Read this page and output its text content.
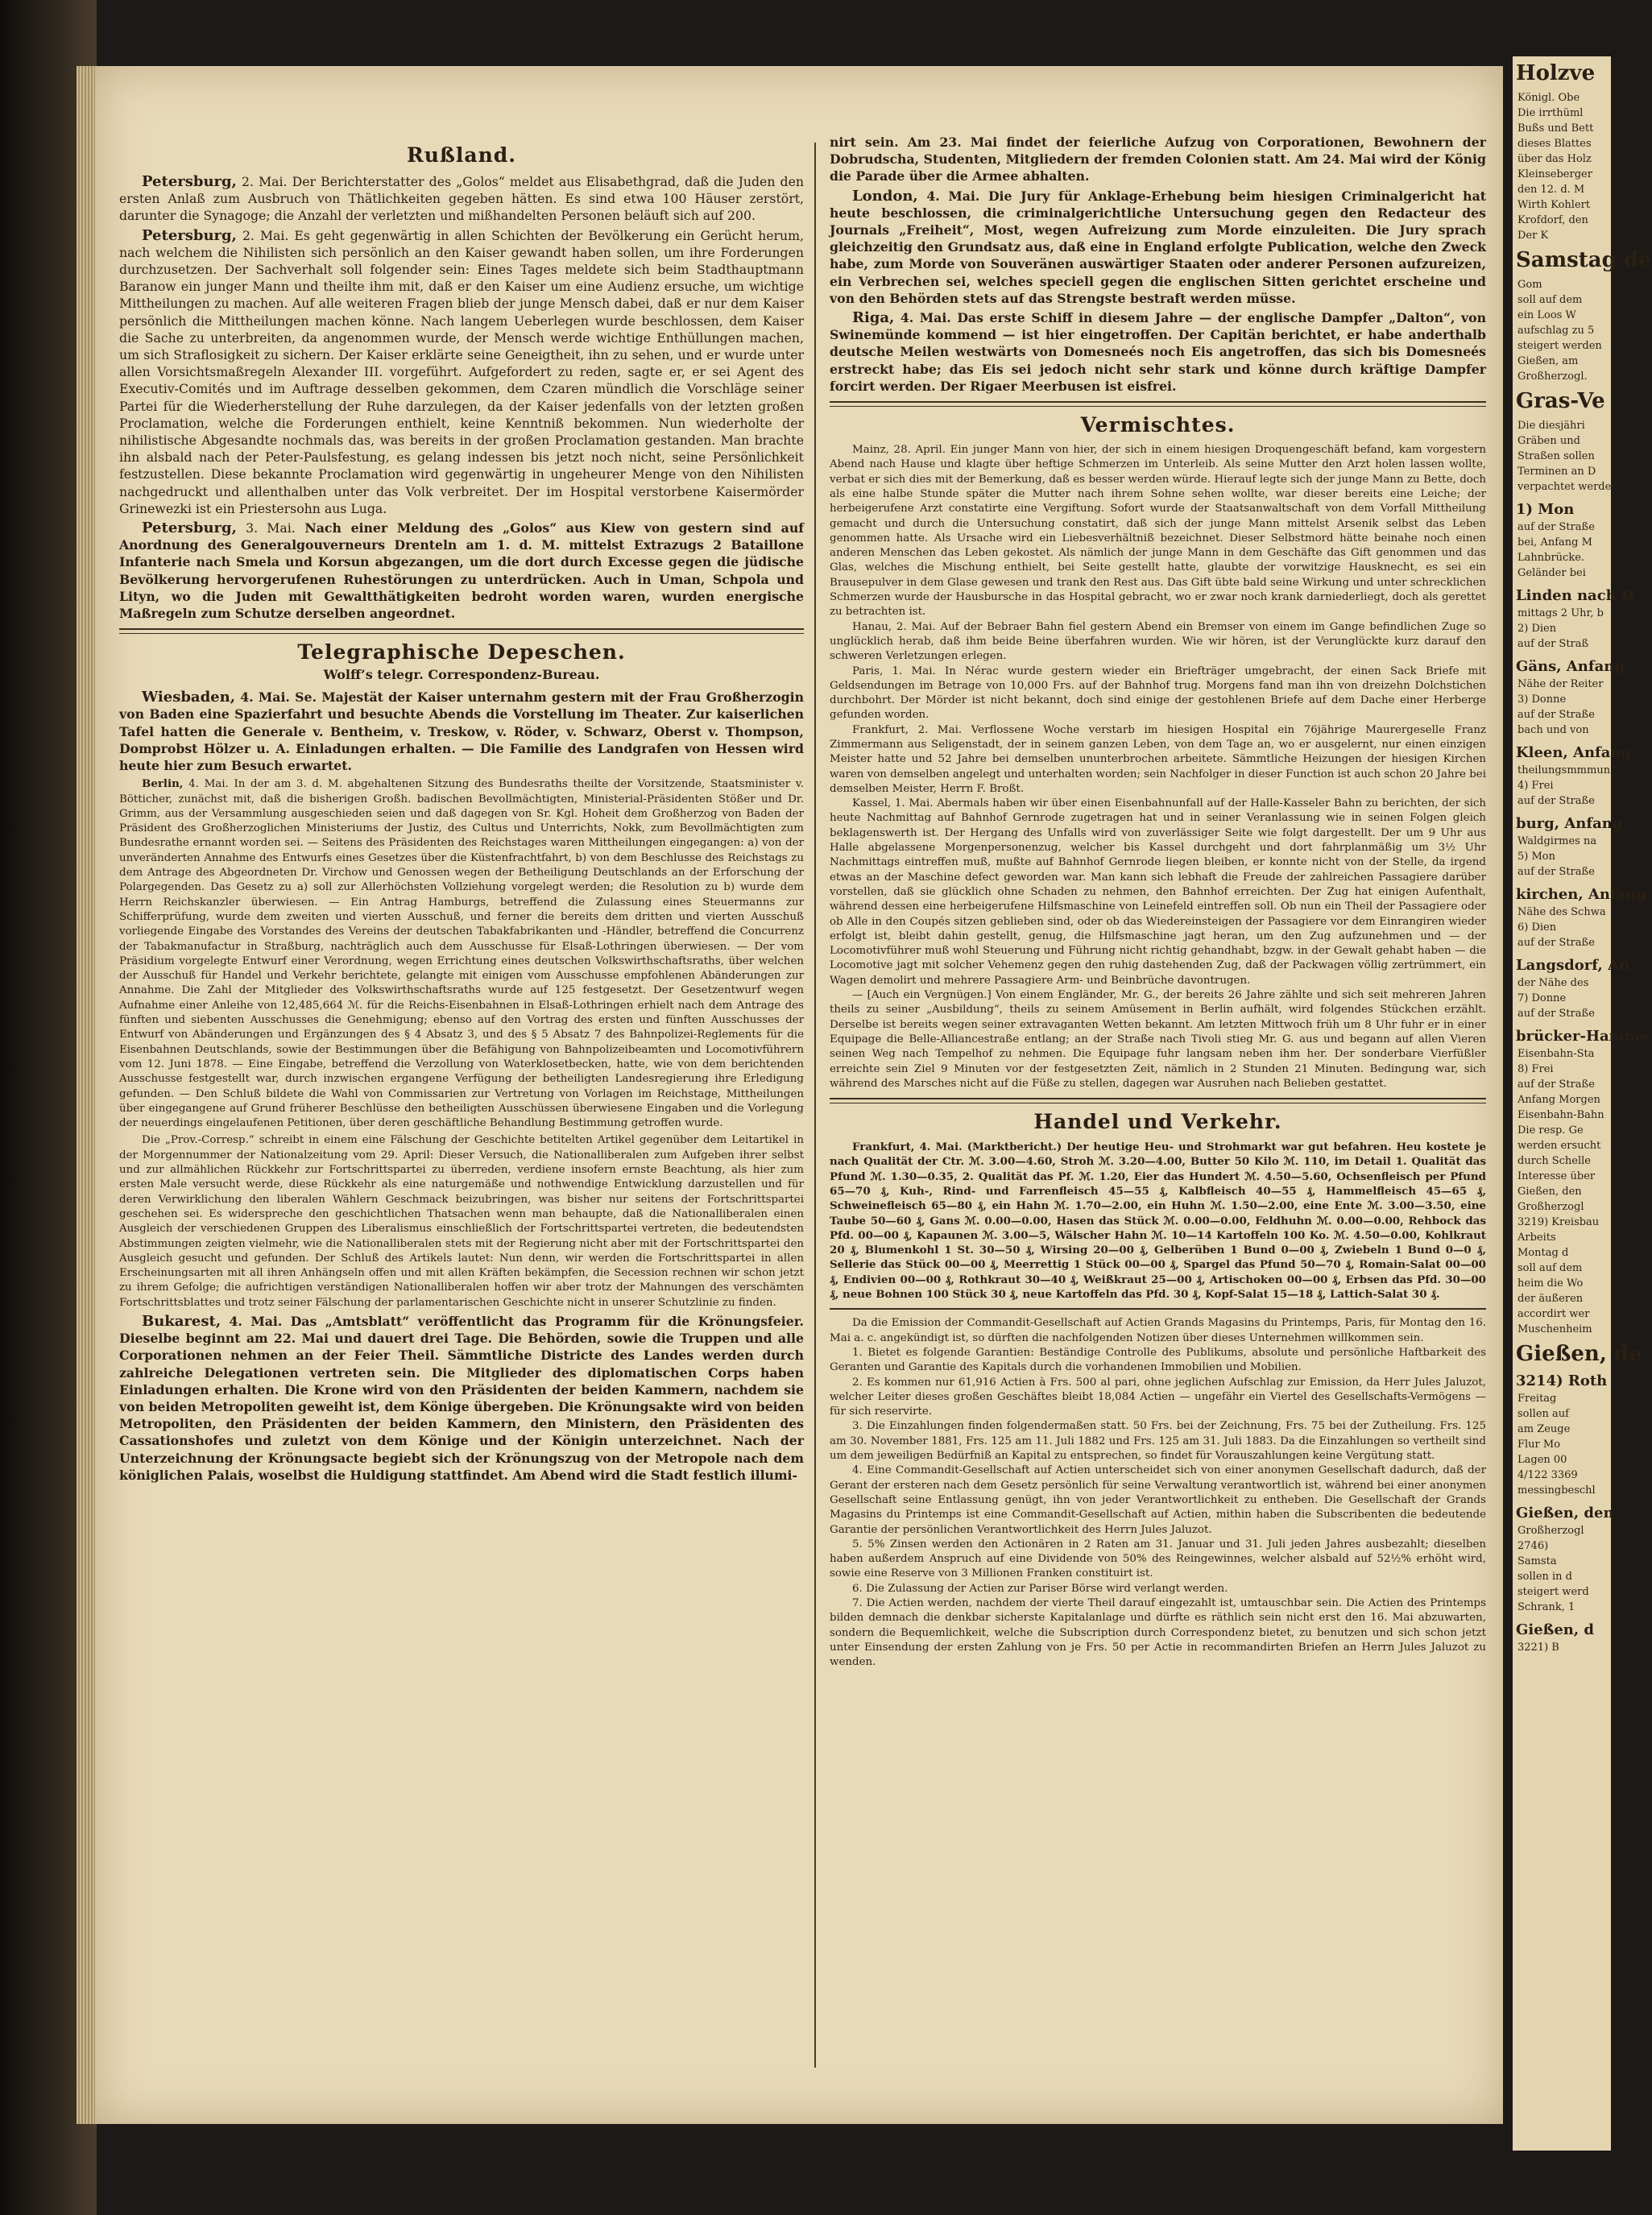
Rußland.

Petersburg, 2. Mai. Der Berichterstatter des „Golos“ meldet aus Elisabethgrad, daß die Juden den ersten Anlaß zum Ausbruch von Thätlichkeiten gegeben hätten. Es sind etwa 100 Häuser zerstört, darunter die Synagoge; die Anzahl der verletzten und mißhandelten Personen beläuft sich auf 200.

Petersburg, 2. Mai. Es geht gegenwärtig in allen Schichten der Bevölkerung ein Gerücht herum, nach welchem die Nihilisten sich persönlich an den Kaiser gewandt haben sollen, um ihre Forderungen durchzusetzen. Der Sachverhalt soll folgender sein: Eines Tages meldete sich beim Stadthauptmann Baranow ein junger Mann und theilte ihm mit, daß er den Kaiser um eine Audienz ersuche, um wichtige Mittheilungen zu machen. Auf alle weiteren Fragen blieb der junge Mensch dabei, daß er nur dem Kaiser persönlich die Mittheilungen machen könne. Nach langem Ueberlegen wurde beschlossen, dem Kaiser die Sache zu unterbreiten, da angenommen wurde, der Mensch werde wichtige Enthüllungen machen, um sich Straflosigkeit zu sichern. Der Kaiser erklärte seine Geneigtheit, ihn zu sehen, und er wurde unter allen Vorsichtsmaßregeln Alexander III. vorgeführt. Aufgefordert zu reden, sagte er, er sei Agent des Executiv-Comités und im Auftrage desselben gekommen, dem Czaren mündlich die Vorschläge seiner Partei für die Wiederherstellung der Ruhe darzulegen, da der Kaiser jedenfalls von der letzten großen Proclamation, welche die Forderungen enthielt, keine Kenntniß bekommen. Nun wiederholte der nihilistische Abgesandte nochmals das, was bereits in der großen Proclamation gestanden. Man brachte ihn alsbald nach der Peter-Paulsfestung, es gelang indessen bis jetzt noch nicht, seine Persönlichkeit festzustellen. Diese bekannte Proclamation wird gegenwärtig in ungeheurer Menge von den Nihilisten nachgedruckt und allenthalben unter das Volk verbreitet. Der im Hospital verstorbene Kaisermörder Grinewezki ist ein Priestersohn aus Luga.

Petersburg, 3. Mai. Nach einer Meldung des „Golos“ aus Kiew von gestern sind auf Anordnung des Generalgouverneurs Drenteln am 1. d. M. mittelst Extrazugs 2 Bataillone Infanterie nach Smela und Korsun abgezangen, um die dort durch Excesse gegen die jüdische Bevölkerung hervorgerufenen Ruhestörungen zu unterdrücken. Auch in Uman, Schpola und Lityn, wo die Juden mit Gewaltthätigkeiten bedroht worden waren, wurden energische Maßregeln zum Schutze derselben angeordnet.

Telegraphische Depeschen.
Wolff’s telegr. Correspondenz-Bureau.

Wiesbaden, 4. Mai. Se. Majestät der Kaiser unternahm gestern mit der Frau Großherzogin von Baden eine Spazierfahrt und besuchte Abends die Vorstellung im Theater. Zur kaiserlichen Tafel hatten die Generale v. Bentheim, v. Treskow, v. Röder, v. Schwarz, Oberst v. Thompson, Domprobst Hölzer u. A. Einladungen erhalten. — Die Familie des Landgrafen von Hessen wird heute hier zum Besuch erwartet.

Berlin, 4. Mai. In der am 3. d. M. abgehaltenen Sitzung des Bundesraths theilte der Vorsitzende, Staatsminister v. Bötticher, zunächst mit, daß die bisherigen Großh. badischen Bevollmächtigten, Ministerial-Präsidenten Stößer und Dr. Grimm, aus der Versammlung ausgeschieden seien und daß dagegen von Sr. Kgl. Hoheit dem Großherzog von Baden der Präsident des Großherzoglichen Ministeriums der Justiz, des Cultus und Unterrichts, Nokk, zum Bevollmächtigten zum Bundesrathe ernannt worden sei. — Seitens des Präsidenten des Reichstages waren Mittheilungen eingegangen: a) von der unveränderten Annahme des Entwurfs eines Gesetzes über die Küstenfrachtfahrt, b) von dem Beschlusse des Reichstags zu dem Antrage des Abgeordneten Dr. Virchow und Genossen wegen der Betheiligung Deutschlands an der Erforschung der Polargegenden. Das Gesetz zu a) soll zur Allerhöchsten Vollziehung vorgelegt werden; die Resolution zu b) wurde dem Herrn Reichskanzler überwiesen. — Ein Antrag Hamburgs, betreffend die Zulassung eines Steuermanns zur Schifferprüfung, wurde dem zweiten und vierten Ausschuß, und ferner die bereits dem dritten und vierten Ausschuß vorliegende Eingabe des Vorstandes des Vereins der deutschen Tabakfabrikanten und -Händler, betreffend die Concurrenz der Tabakmanufactur in Straßburg, nachträglich auch dem Ausschusse für Elsaß-Lothringen überwiesen. — Der vom Präsidium vorgelegte Entwurf einer Verordnung, wegen Errichtung eines deutschen Volkswirthschaftsraths, über welchen der Ausschuß für Handel und Verkehr berichtete, gelangte mit einigen vom Ausschusse empfohlenen Abänderungen zur Annahme. Die Zahl der Mitglieder des Volkswirthschaftsraths wurde auf 125 festgesetzt. Der Gesetzentwurf wegen Aufnahme einer Anleihe von 12,485,664 ℳ. für die Reichs-Eisenbahnen in Elsaß-Lothringen erhielt nach dem Antrage des fünften und siebenten Ausschusses die Genehmigung; ebenso auf den Vortrag des ersten und fünften Ausschusses der Entwurf von Abänderungen und Ergänzungen des § 4 Absatz 3, und des § 5 Absatz 7 des Bahnpolizei-Reglements für die Eisenbahnen Deutschlands, sowie der Bestimmungen über die Befähigung von Bahnpolizeibeamten und Locomotivführern vom 12. Juni 1878. — Eine Eingabe, betreffend die Verzollung von Waterklosetbecken, hatte, wie von dem berichtenden Ausschusse festgestellt war, durch inzwischen ergangene Verfügung der betheiligten Landesregierung ihre Erledigung gefunden. — Den Schluß bildete die Wahl von Commissarien zur Vertretung von Vorlagen im Reichstage, Mittheilungen über eingegangene auf Grund früherer Beschlüsse den betheiligten Ausschüssen überwiesene Eingaben und die Vorlegung der neuerdings eingelaufenen Petitionen, über deren geschäftliche Behandlung Bestimmung getroffen wurde.

Die „Prov.-Corresp.“ schreibt in einem eine Fälschung der Geschichte betitelten Artikel gegenüber dem Leitartikel in der Morgennummer der Nationalzeitung vom 29. April: Dieser Versuch, die Nationalliberalen zum Aufgeben ihrer selbst und zur allmählichen Rückkehr zur Fortschrittspartei zu überreden, verdiene insofern ernste Beachtung, als hier zum ersten Male versucht werde, diese Rückkehr als eine naturgemäße und nothwendige Entwicklung darzustellen und für deren Verwirklichung den liberalen Wählern Geschmack beizubringen, was bisher nur seitens der Fortschrittspartei geschehen sei. Es widerspreche den geschichtlichen Thatsachen wenn man behaupte, daß die Nationalliberalen einen Ausgleich der verschiedenen Gruppen des Liberalismus einschließlich der Fortschrittspartei vertreten, die bedeutendsten Abstimmungen zeigten vielmehr, wie die Nationalliberalen stets mit der Regierung nicht aber mit der Fortschrittspartei den Ausgleich gesucht und gefunden. Der Schluß des Artikels lautet: Nun denn, wir werden die Fortschrittspartei in allen Erscheinungsarten mit all ihren Anhängseln offen und mit allen Kräften bekämpfen, die Secession rechnen wir schon jetzt zu ihrem Gefolge; die aufrichtigen verständigen Nationalliberalen hoffen wir aber trotz der Mahnungen des verschämten Fortschrittsblattes und trotz seiner Fälschung der parlamentarischen Geschichte nicht in unserer Schutzlinie zu finden.

Bukarest, 4. Mai. Das „Amtsblatt“ veröffentlicht das Programm für die Krönungsfeier. Dieselbe beginnt am 22. Mai und dauert drei Tage. Die Behörden, sowie die Truppen und alle Corporationen nehmen an der Feier Theil. Sämmtliche Districte des Landes werden durch zahlreiche Delegationen vertreten sein. Die Mitglieder des diplomatischen Corps haben Einladungen erhalten. Die Krone wird von den Präsidenten der beiden Kammern, nachdem sie von beiden Metropoliten geweiht ist, dem Könige übergeben. Die Krönungsakte wird von beiden Metropoliten, den Präsidenten der beiden Kammern, den Ministern, den Präsidenten des Cassationshofes und zuletzt von dem Könige und der Königin unterzeichnet. Nach der Unterzeichnung der Krönungsacte begiebt sich der Krönungszug von der Metropole nach dem königlichen Palais, woselbst die Huldigung stattfindet. Am Abend wird die Stadt festlich illumi-

nirt sein. Am 23. Mai findet der feierliche Aufzug von Corporationen, Bewohnern der Dobrudscha, Studenten, Mitgliedern der fremden Colonien statt. Am 24. Mai wird der König die Parade über die Armee abhalten.

London, 4. Mai. Die Jury für Anklage-Erhebung beim hiesigen Criminalgericht hat heute beschlossen, die criminalgerichtliche Untersuchung gegen den Redacteur des Journals „Freiheit“, Most, wegen Aufreizung zum Morde einzuleiten. Die Jury sprach gleichzeitig den Grundsatz aus, daß eine in England erfolgte Publication, welche den Zweck habe, zum Morde von Souveränen auswärtiger Staaten oder anderer Personen aufzureizen, ein Verbrechen sei, welches speciell gegen die englischen Sitten gerichtet erscheine und von den Behörden stets auf das Strengste bestraft werden müsse.

Riga, 4. Mai. Das erste Schiff in diesem Jahre — der englische Dampfer „Dalton“, von Swinemünde kommend — ist hier eingetroffen. Der Capitän berichtet, er habe anderthalb deutsche Meilen westwärts von Domesneés noch Eis angetroffen, das sich bis Domesneés erstreckt habe; das Eis sei jedoch nicht sehr stark und könne durch kräftige Dampfer forcirt werden. Der Rigaer Meerbusen ist eisfrei.

Vermischtes.

Mainz, 28. April. Ein junger Mann von hier, der sich in einem hiesigen Droquengeschäft befand, kam vorgestern Abend nach Hause und klagte über heftige Schmerzen im Unterleib. Als seine Mutter den Arzt holen lassen wollte, verbat er sich dies mit der Bemerkung, daß es besser werden würde. Hierauf legte sich der junge Mann zu Bette, doch als eine halbe Stunde später die Mutter nach ihrem Sohne sehen wollte, war dieser bereits eine Leiche; der herbeigerufene Arzt constatirte eine Vergiftung. Sofort wurde der Staatsanwaltschaft von dem Vorfall Mittheilung gemacht und durch die Untersuchung constatirt, daß sich der junge Mann mittelst Arsenik selbst das Leben genommen hatte. Als Ursache wird ein Liebesverhältniß bezeichnet. Dieser Selbstmord hätte beinahe noch einen anderen Menschen das Leben gekostet. Als nämlich der junge Mann in dem Geschäfte das Gift genommen und das Glas, welches die Mischung enthielt, bei Seite gestellt hatte, glaubte der vorwitzige Hausknecht, es sei ein Brausepulver in dem Glase gewesen und trank den Rest aus. Das Gift übte bald seine Wirkung und unter schrecklichen Schmerzen wurde der Hausbursche in das Hospital gebracht, wo er zwar noch krank darniederliegt, doch als gerettet zu betrachten ist.

Hanau, 2. Mai. Auf der Bebraer Bahn fiel gestern Abend ein Bremser von einem im Gange befindlichen Zuge so unglücklich herab, daß ihm beide Beine überfahren wurden. Wie wir hören, ist der Verunglückte kurz darauf den schweren Verletzungen erlegen.

Paris, 1. Mai. In Nérac wurde gestern wieder ein Briefträger umgebracht, der einen Sack Briefe mit Geldsendungen im Betrage von 10,000 Frs. auf der Bahnhof trug. Morgens fand man ihn von dreizehn Dolchstichen durchbohrt. Der Mörder ist nicht bekannt, doch sind einige der gestohlenen Briefe auf dem Dache einer Herberge gefunden worden.

Frankfurt, 2. Mai. Verflossene Woche verstarb im hiesigen Hospital ein 76jährige Maurergeselle Franz Zimmermann aus Seligenstadt, der in seinem ganzen Leben, von dem Tage an, wo er ausgelernt, nur einen einzigen Meister hatte und 52 Jahre bei demselben ununterbrochen arbeitete. Sämmtliche Heizungen der hiesigen Kirchen waren von demselben angelegt und unterhalten worden; sein Nachfolger in dieser Function ist auch schon 20 Jahre bei demselben Meister, Herrn F. Broßt.

Kassel, 1. Mai. Abermals haben wir über einen Eisenbahnunfall auf der Halle-Kasseler Bahn zu berichten, der sich heute Nachmittag auf Bahnhof Gernrode zugetragen hat und in seiner Veranlassung wie in seinen Folgen gleich beklagenswerth ist. Der Hergang des Unfalls wird von zuverlässiger Seite wie folgt dargestellt. Der um 9 Uhr aus Halle abgelassene Morgenpersonenzug, welcher bis Kassel durchgeht und dort fahrplanmäßig um 3½ Uhr Nachmittags eintreffen muß, mußte auf Bahnhof Gernrode liegen bleiben, er konnte nicht von der Stelle, da irgend etwas an der Maschine defect geworden war. Man kann sich lebhaft die Freude der zahlreichen Passagiere darüber vorstellen, daß sie glücklich ohne Schaden zu nehmen, den Bahnhof erreichten. Der Zug hat einigen Aufenthalt, während dessen eine herbeigerufene Hilfsmaschine von Leinefeld eintreffen soll. Ob nun ein Theil der Passagiere oder ob Alle in den Coupés sitzen geblieben sind, oder ob das Wiedereinsteigen der Passagiere vor dem Einrangiren wieder erfolgt ist, bleibt dahin gestellt, genug, die Hilfsmaschine jagt heran, um den Zug aufzunehmen und — der Locomotivführer muß wohl Steuerung und Führung nicht richtig gehandhabt, bzgw. in der Gewalt gehabt haben — die Locomotive jagt mit solcher Vehemenz gegen den ruhig dastehenden Zug, daß der Packwagen völlig zertrümmert, ein Wagen demolirt und mehrere Passagiere Arm- und Beinbrüche davontrugen.

— [Auch ein Vergnügen.] Von einem Engländer, Mr. G., der bereits 26 Jahre zählte und sich seit mehreren Jahren theils zu seiner „Ausbildung“, theils zu seinem Amüsement in Berlin aufhält, wird folgendes Stückchen erzählt. Derselbe ist bereits wegen seiner extravaganten Wetten bekannt. Am letzten Mittwoch früh um 8 Uhr fuhr er in einer Equipage die Belle-Alliancestraße entlang; an der Straße nach Tivoli stieg Mr. G. aus und begann auf allen Vieren seinen Weg nach Tempelhof zu nehmen. Die Equipage fuhr langsam neben ihm her. Der sonderbare Vierfüßler erreichte sein Ziel 9 Minuten vor der festgesetzten Zeit, nämlich in 2 Stunden 21 Minuten. Bedingung war, sich während des Marsches nicht auf die Füße zu stellen, dagegen war Ausruhen nach Belieben gestattet.

Handel und Verkehr.

Frankfurt, 4. Mai. (Marktbericht.) Der heutige Heu- und Strohmarkt war gut befahren. Heu kostete je nach Qualität der Ctr. ℳ. 3.00—4.60, Stroh ℳ. 3.20—4.00, Butter 50 Kilo ℳ. 110, im Detail 1. Qualität das Pfund ℳ. 1.30—0.35, 2. Qualität das Pf. ℳ. 1.20, Eier das Hundert ℳ. 4.50—5.60, Ochsenfleisch per Pfund 65—70 ₰, Kuh-, Rind- und Farrenfleisch 45—55 ₰, Kalbfleisch 40—55 ₰, Hammelfleisch 45—65 ₰, Schweinefleisch 65—80 ₰, ein Hahn ℳ. 1.70—2.00, ein Huhn ℳ. 1.50—2.00, eine Ente ℳ. 3.00—3.50, eine Taube 50—60 ₰, Gans ℳ. 0.00—0.00, Hasen das Stück ℳ. 0.00—0.00, Feldhuhn ℳ. 0.00—0.00, Rehbock das Pfd. 00—00 ₰, Kapaunen ℳ. 3.00—5, Wälscher Hahn ℳ. 10—14 Kartoffeln 100 Ko. ℳ. 4.50—0.00, Kohlkraut 20 ₰, Blumenkohl 1 St. 30—50 ₰, Wirsing 20—00 ₰, Gelberüben 1 Bund 0—00 ₰, Zwiebeln 1 Bund 0—0 ₰, Sellerie das Stück 00—00 ₰, Meerrettig 1 Stück 00—00 ₰, Spargel das Pfund 50—70 ₰, Romain-Salat 00—00 ₰, Endivien 00—00 ₰, Rothkraut 30—40 ₰, Weißkraut 25—00 ₰, Artischoken 00—00 ₰, Erbsen das Pfd. 30—00 ₰, neue Bohnen 100 Stück 30 ₰, neue Kartoffeln das Pfd. 30 ₰, Kopf-Salat 15—18 ₰, Lattich-Salat 30 ₰.

Da die Emission der Commandit-Gesellschaft auf Actien Grands Magasins du Printemps, Paris, für Montag den 16. Mai a. c. angekündigt ist, so dürften die nachfolgenden Notizen über dieses Unternehmen willkommen sein.

1. Bietet es folgende Garantien: Beständige Controlle des Publikums, absolute und persönliche Haftbarkeit des Geranten und Garantie des Kapitals durch die vorhandenen Immobilien und Mobilien.

2. Es kommen nur 61,916 Actien à Frs. 500 al pari, ohne jeglichen Aufschlag zur Emission, da Herr Jules Jaluzot, welcher Leiter dieses großen Geschäftes bleibt 18,084 Actien — ungefähr ein Viertel des Gesellschafts-Vermögens — für sich reservirte.

3. Die Einzahlungen finden folgendermaßen statt. 50 Frs. bei der Zeichnung, Frs. 75 bei der Zutheilung. Frs. 125 am 30. November 1881, Frs. 125 am 11. Juli 1882 und Frs. 125 am 31. Juli 1883. Da die Einzahlungen so vertheilt sind um dem jeweiligen Bedürfniß an Kapital zu entsprechen, so findet für Vorauszahlungen keine Vergütung statt.

4. Eine Commandit-Gesellschaft auf Actien unterscheidet sich von einer anonymen Gesellschaft dadurch, daß der Gerant der ersteren nach dem Gesetz persönlich für seine Verwaltung verantwortlich ist, während bei einer anonymen Gesellschaft seine Entlassung genügt, ihn von jeder Verantwortlichkeit zu entheben. Die Gesellschaft der Grands Magasins du Printemps ist eine Commandit-Gesellschaft auf Actien, mithin haben die Subscribenten die bedeutende Garantie der persönlichen Verantwortlichkeit des Herrn Jules Jaluzot.

5. 5% Zinsen werden den Actionären in 2 Raten am 31. Januar und 31. Juli jeden Jahres ausbezahlt; dieselben haben außerdem Anspruch auf eine Dividende von 50% des Reingewinnes, welcher alsbald auf 52½% erhöht wird, sowie eine Reserve von 3 Millionen Franken constituirt ist.

6. Die Zulassung der Actien zur Pariser Börse wird verlangt werden.

7. Die Actien werden, nachdem der vierte Theil darauf eingezahlt ist, umtauschbar sein. Die Actien des Printemps bilden demnach die denkbar sicherste Kapitalanlage und dürfte es räthlich sein nicht erst den 16. Mai abzuwarten, sondern die Bequemlichkeit, welche die Subscription durch Correspondenz bietet, zu benutzen und sich schon jetzt unter Einsendung der ersten Zahlung von je Frs. 50 per Actie in recommandirten Briefen an Herrn Jules Jaluzot zu wenden.

Holzve
Königl. Obe
Die irrthüml
Bußs und Bett
dieses Blattes
über das Holz
Kleinseberger
den 12. d. M
Wirth Kohlert
Krofdorf, den
Der K
Samstag de
Gom
soll auf dem
ein Loos W
aufschlag zu 5
steigert werden
Gießen, am
Großherzogl.
Gras-Ve
Die diesjähri
Gräben und
Straßen sollen
Terminen an D
verpachtet werden
1) Mon
auf der Straße
bei, Anfang M
Lahnbrücke.
Geländer bei
Linden nach D
mittags 2 Uhr, b
2) Dien
auf der Straß
Gäns, Anfang
Nähe der Reiter
3) Donne
auf der Straße
bach und von
Kleen, Anfang
theilungsmmmun
4) Frei
auf der Straße
burg, Anfang
Waldgirmes na
5) Mon
auf der Straße
kirchen, Anfang
Nähe des Schwa
6) Dien
auf der Straße
Langsdorf, An
der Nähe des
7) Donne
auf der Straße
brücker-Hamme
Eisenbahn-Sta
8) Frei
auf der Straße
Anfang Morgen
Eisenbahn-Bahn
Die resp. Ge
werden ersucht
durch Schelle
Interesse über
Gießen, den
Großherzogl
3219) Kreisbau
Arbeits
Montag d
soll auf dem
heim die Wo
der äußeren
accordirt wer
Muschenheim
Gießen, de
3214) Roth
Freitag
sollen auf
am Zeuge
Flur Mo
Lagen 00
4/122 3369
messingbeschl
Gießen, den
Großherzogl
2746)
Samsta
sollen in d
steigert werd
Schrank, 1
Gießen, d
3221) B
